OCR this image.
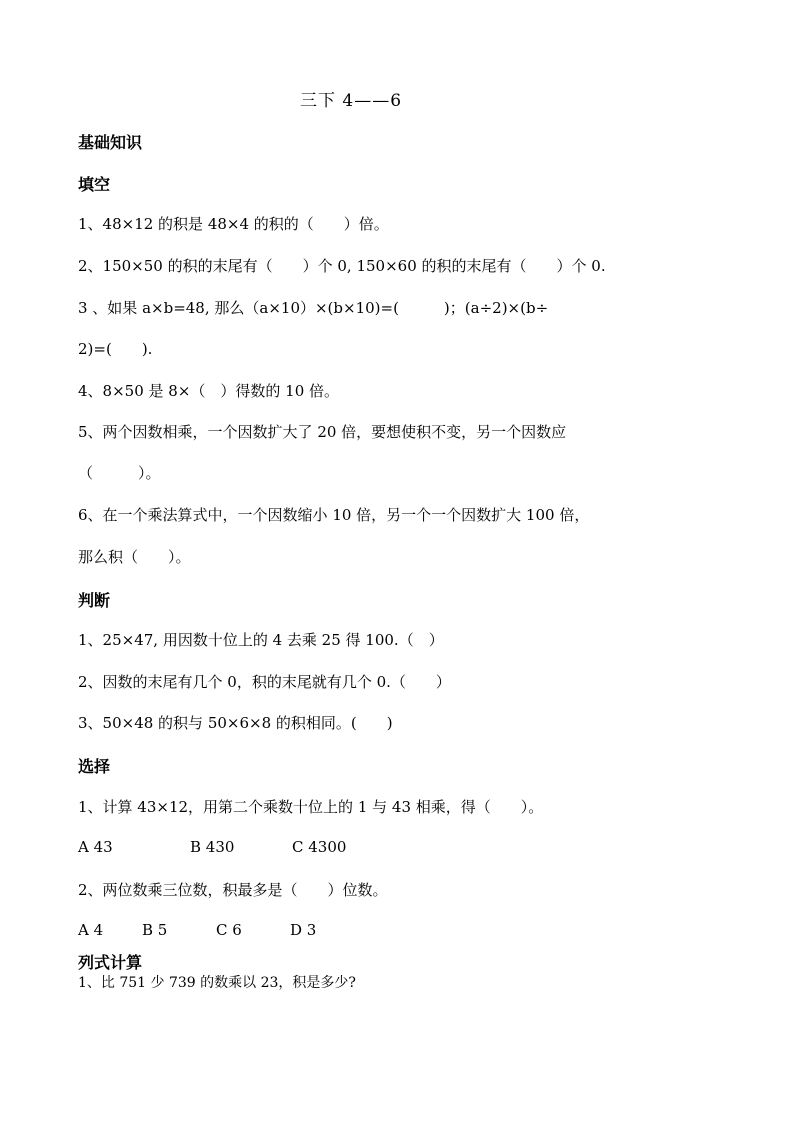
三下 4——6
基础知识
填空
1、48×12 的积是 48×4 的积的（　　）倍。
2、150×50 的积的末尾有（　　）个 0, 150×60 的积的末尾有（　　）个 0.
3 、如果 a×b=48, 那么（a×10）×(b×10)=(　　　)；(a÷2)×(b÷
2)=(　　).
4、8×50 是 8×（　）得数的 10 倍。
5、两个因数相乘，一个因数扩大了 20 倍，要想使积不变，另一个因数应
（　　　）。
6、在一个乘法算式中，一个因数缩小 10 倍，另一个一个因数扩大 100 倍，
那么积（　　）。
判断
1、25×47, 用因数十位上的 4 去乘 25 得 100.（　）
2、因数的末尾有几个 0，积的末尾就有几个 0.（　　）
3、50×48 的积与 50×6×8 的积相同。(　　)
选择
1、计算 43×12，用第二个乘数十位上的 1 与 43 相乘，得（　　）。
A 43	B 430	C 4300
2、两位数乘三位数，积最多是（　　）位数。
A 4	B 5	C 6	D 3
列式计算
1、比 751 少 739 的数乘以 23，积是多少?
